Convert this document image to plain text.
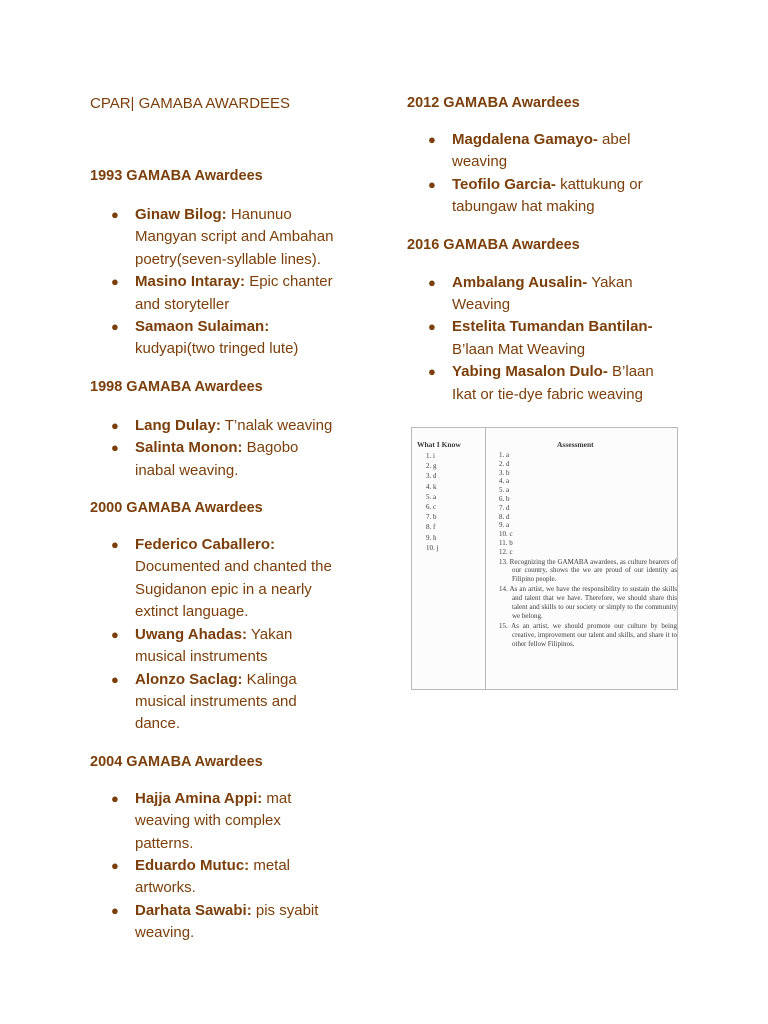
CPAR| GAMABA AWARDEES

1993 GAMABA Awardees
● Ginaw Bilog: Hanunuo
Mangyan script and Ambahan
poetry(seven-syllable lines).
● Masino Intaray: Epic chanter
and storyteller
● Samaon Sulaiman:
kudyapi(two tringed lute)
1998 GAMABA Awardees
● Lang Dulay: T’nalak weaving
● Salinta Monon: Bagobo
inabal weaving.
2000 GAMABA Awardees
● Federico Caballero:
Documented and chanted the
Sugidanon epic in a nearly
extinct language.
● Uwang Ahadas: Yakan
musical instruments
● Alonzo Saclag: Kalinga
musical instruments and
dance.
2004 GAMABA Awardees
● Hajja Amina Appi: mat
weaving with complex
patterns.
● Eduardo Mutuc: metal
artworks.
● Darhata Sawabi: pis syabit
weaving.
2012 GAMABA Awardees
● Magdalena Gamayo- abel
weaving
● Teofilo Garcia- kattukung or
tabungaw hat making
2016 GAMABA Awardees
● Ambalang Ausalin- Yakan
Weaving
● Estelita Tumandan Bantilan-
B’laan Mat Weaving
● Yabing Masalon Dulo- B’laan
Ikat or tie-dye fabric weaving
What I Know	Assessment
1. i
2. g
3. d
4. k
5. a
6. c
7. b
8. f
9. h
10. j
1. a
2. d
3. b
4. a
5. a
6. b
7. d
8. d
9. a
10. c
11. b
12. c
13. Recognizing the GAMABA awardees, as culture bearers of our country, shows the we are proud of our identity as Filipino people.
14. As an artist, we have the responsibility to sustain the skills and talent that we have. Therefore, we should share this talent and skills to our society or simply to the community we belong.
15. As an artist, we should promote our culture by being creative, improvement our talent and skills, and share it to other fellow Filipinos.
